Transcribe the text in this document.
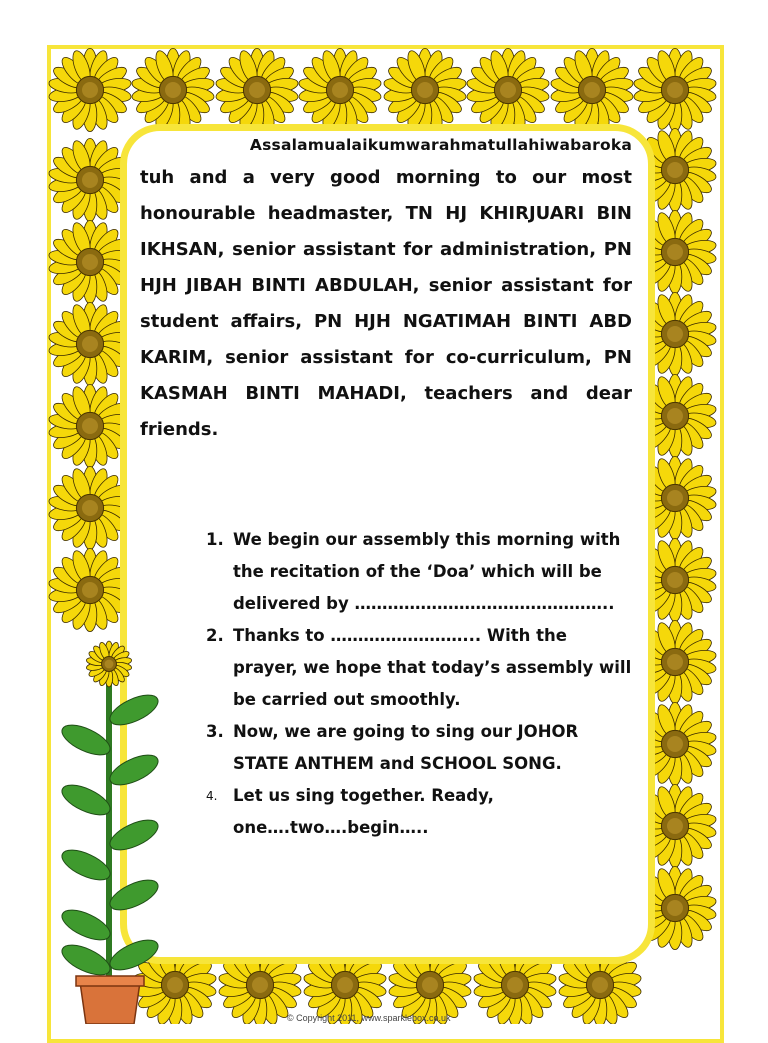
Assalamualaikumwarahmatullahiwabaroka

tuh and a very good morning to our most honourable headmaster, TN HJ KHIRJUARI BIN IKHSAN, senior assistant for administration, PN HJH JIBAH BINTI ABDULAH, senior assistant for student affairs, PN HJH NGATIMAH BINTI ABD KARIM, senior assistant for co-curriculum, PN KASMAH BINTI MAHADI, teachers and dear friends.

1. We begin our assembly this morning with the recitation of the ‘Doa’ which will be delivered by ………………………………………..
2. Thanks to ……………………... With the prayer, we hope that today’s assembly will be carried out smoothly.
3. Now, we are going to sing our JOHOR STATE ANTHEM and SCHOOL SONG.
4. Let us sing together. Ready, one….two….begin…..
© Copyright 2011, www.sparklebox.co.uk
